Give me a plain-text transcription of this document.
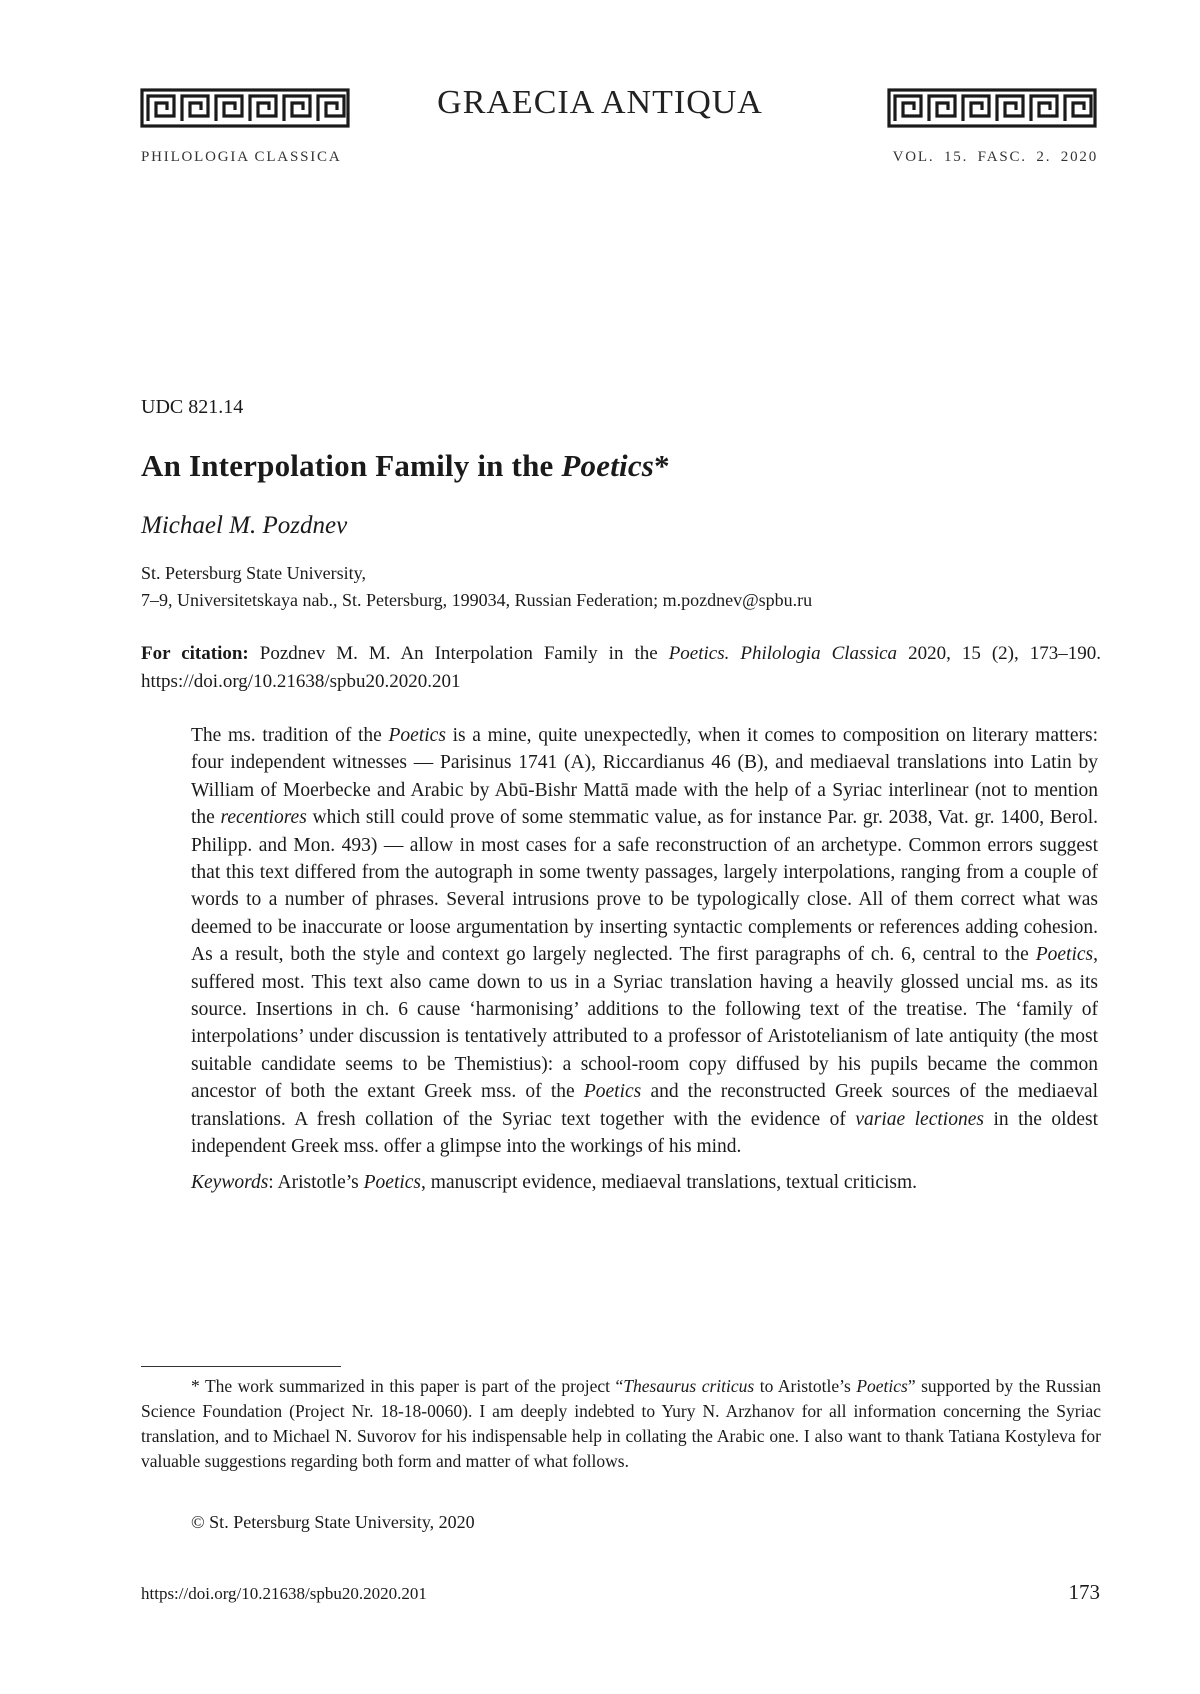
GRAECIA ANTIQUA
PHILOLOGIA CLASSICA	VOL. 15. FASC. 2. 2020
UDC 821.14
An Interpolation Family in the Poetics*
Michael M. Pozdnev
St. Petersburg State University,
7–9, Universitetskaya nab., St. Petersburg, 199034, Russian Federation; m.pozdnev@spbu.ru
For citation: Pozdnev M. M. An Interpolation Family in the Poetics. Philologia Classica 2020, 15 (2), 173–190. https://doi.org/10.21638/spbu20.2020.201

The ms. tradition of the Poetics is a mine, quite unexpectedly, when it comes to composition on literary matters: four independent witnesses — Parisinus 1741 (A), Riccardianus 46 (B), and mediaeval translations into Latin by William of Moerbecke and Arabic by Abū-Bishr Mattā made with the help of a Syriac interlinear (not to mention the recentiores which still could prove of some stemmatic value, as for instance Par. gr. 2038, Vat. gr. 1400, Berol. Philipp. and Mon. 493) — allow in most cases for a safe reconstruction of an archetype. Common errors suggest that this text differed from the autograph in some twenty passages, largely interpolations, ranging from a couple of words to a number of phrases. Several intrusions prove to be typologically close. All of them correct what was deemed to be inaccurate or loose argumentation by inserting syntactic complements or references adding cohesion. As a result, both the style and context go largely neglected. The first paragraphs of ch. 6, central to the Poetics, suffered most. This text also came down to us in a Syriac translation having a heavily glossed uncial ms. as its source. Insertions in ch. 6 cause ‘harmonising’ additions to the following text of the treatise. The ‘family of interpolations’ under discussion is tentatively attributed to a professor of Aristotelianism of late antiquity (the most suitable candidate seems to be Themistius): a school-room copy diffused by his pupils became the common ancestor of both the extant Greek mss. of the Poetics and the reconstructed Greek sources of the mediaeval translations. A fresh collation of the Syriac text together with the evidence of variae lectiones in the oldest independent Greek mss. offer a glimpse into the workings of his mind.

Keywords: Aristotle’s Poetics, manuscript evidence, mediaeval translations, textual criticism.

* The work summarized in this paper is part of the project “Thesaurus criticus to Aristotle’s Poetics” supported by the Russian Science Foundation (Project Nr. 18-18-0060). I am deeply indebted to Yury N. Arzhanov for all information concerning the Syriac translation, and to Michael N. Suvorov for his indispensable help in collating the Arabic one. I also want to thank Tatiana Kostyleva for valuable suggestions regarding both form and matter of what follows.
© St. Petersburg State University, 2020
https://doi.org/10.21638/spbu20.2020.201	173
